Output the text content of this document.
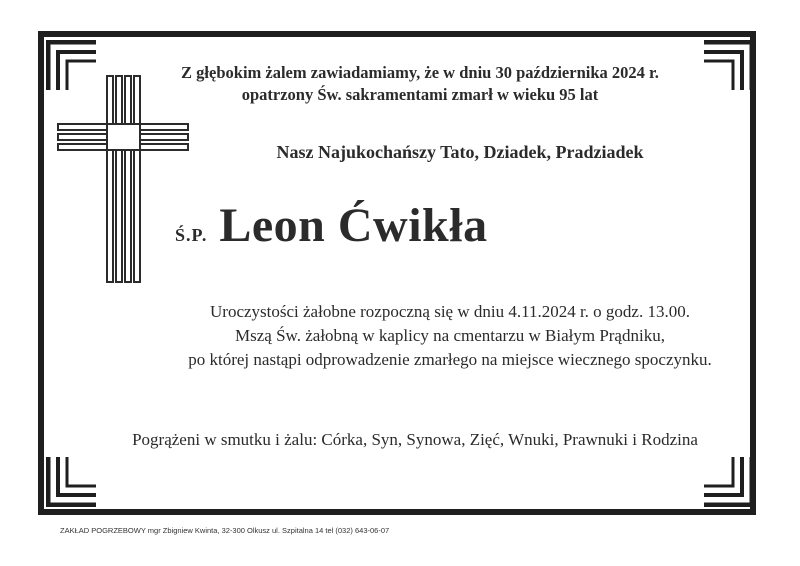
Z głębokim żalem zawiadamiamy, że w dniu 30 października 2024 r.
opatrzony Św. sakramentami zmarł w wieku 95 lat
Nasz Najukochańszy Tato, Dziadek, Pradziadek
Ś.P. Leon Ćwikła
Uroczystości żałobne rozpoczną się w dniu 4.11.2024 r. o godz. 13.00.
Mszą Św. żałobną w kaplicy na cmentarzu w Białym Prądniku,
po której nastąpi odprowadzenie zmarłego na miejsce wiecznego spoczynku.
Pogrążeni w smutku i żalu: Córka, Syn, Synowa, Zięć, Wnuki, Prawnuki i Rodzina
ZAKŁAD POGRZEBOWY mgr Zbigniew Kwinta, 32-300 Olkusz ul. Szpitalna 14 tel (032) 643-06-07
